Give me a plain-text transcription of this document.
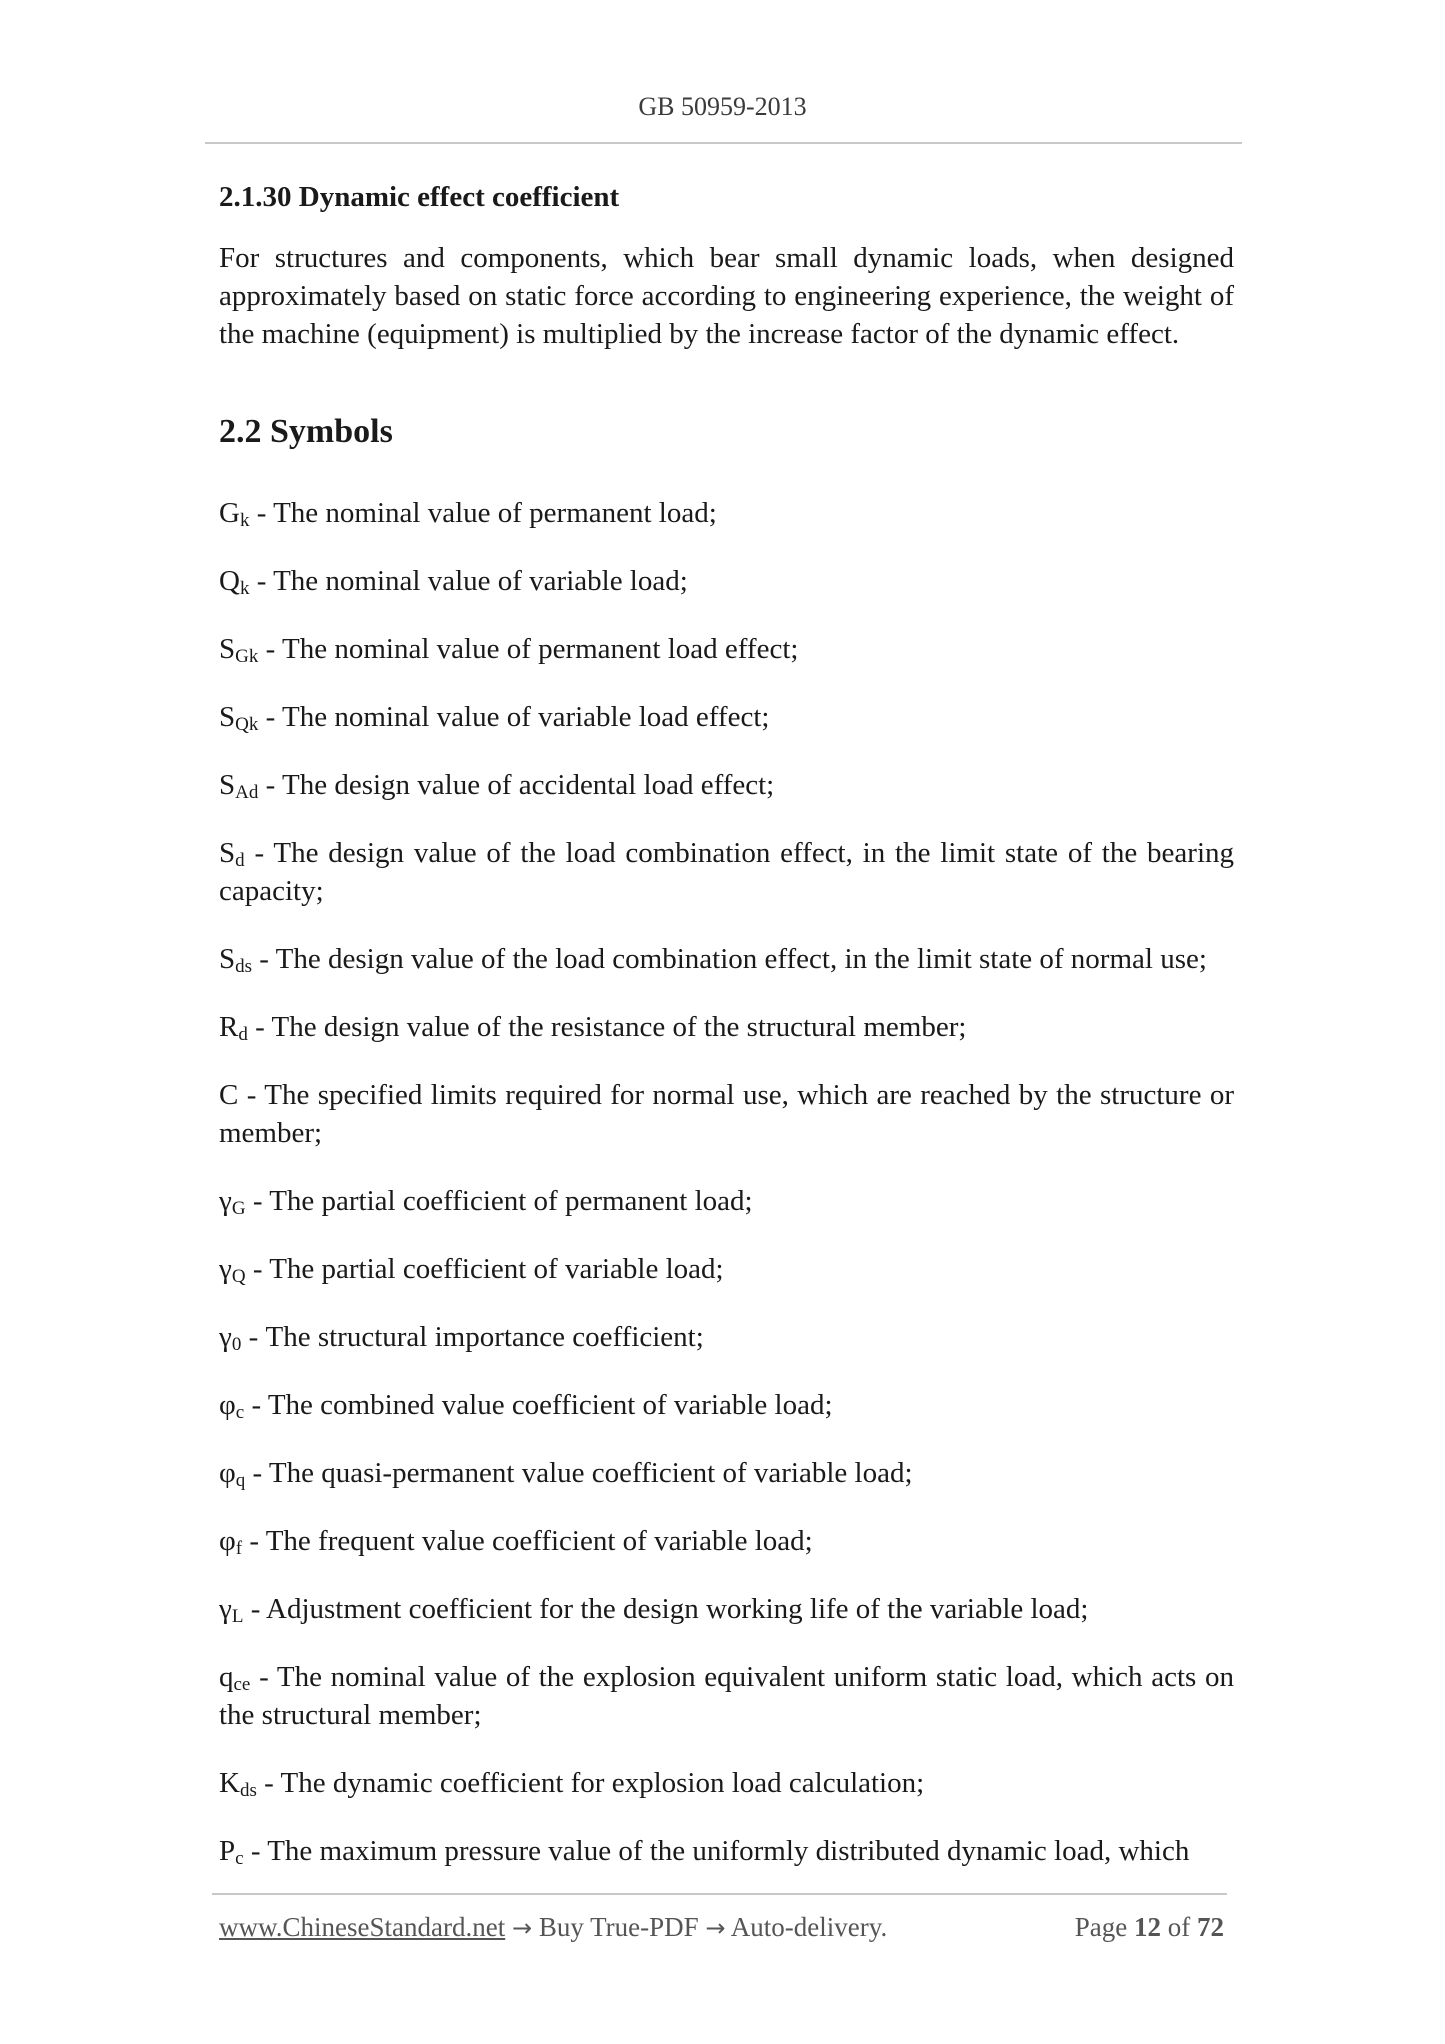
GB 50959-2013

2.1.30 Dynamic effect coefficient

For structures and components, which bear small dynamic loads, when designed approximately based on static force according to engineering experience, the weight of the machine (equipment) is multiplied by the increase factor of the dynamic effect.

2.2 Symbols

$G_k$ - The nominal value of permanent load;
$Q_k$ - The nominal value of variable load;
$S_{Gk}$ - The nominal value of permanent load effect;
$S_{Qk}$ - The nominal value of variable load effect;
$S_{Ad}$ - The design value of accidental load effect;
$S_d$ - The design value of the load combination effect, in the limit state of the bearing capacity;
$S_{ds}$ - The design value of the load combination effect, in the limit state of normal use;
$R_d$ - The design value of the resistance of the structural member;
C - The specified limits required for normal use, which are reached by the structure or member;
$\gamma_G$ - The partial coefficient of permanent load;
$\gamma_Q$ - The partial coefficient of variable load;
$\gamma_0$ - The structural importance coefficient;
$\varphi_c$ - The combined value coefficient of variable load;
$\varphi_q$ - The quasi-permanent value coefficient of variable load;
$\varphi_f$ - The frequent value coefficient of variable load;
$\gamma_L$ - Adjustment coefficient for the design working life of the variable load;
$q_{ce}$ - The nominal value of the explosion equivalent uniform static load, which acts on the structural member;
$K_{ds}$ - The dynamic coefficient for explosion load calculation;
$P_c$ - The maximum pressure value of the uniformly distributed dynamic load, which
www.ChineseStandard.net → Buy True-PDF → Auto-delivery.	Page 12 of 72
